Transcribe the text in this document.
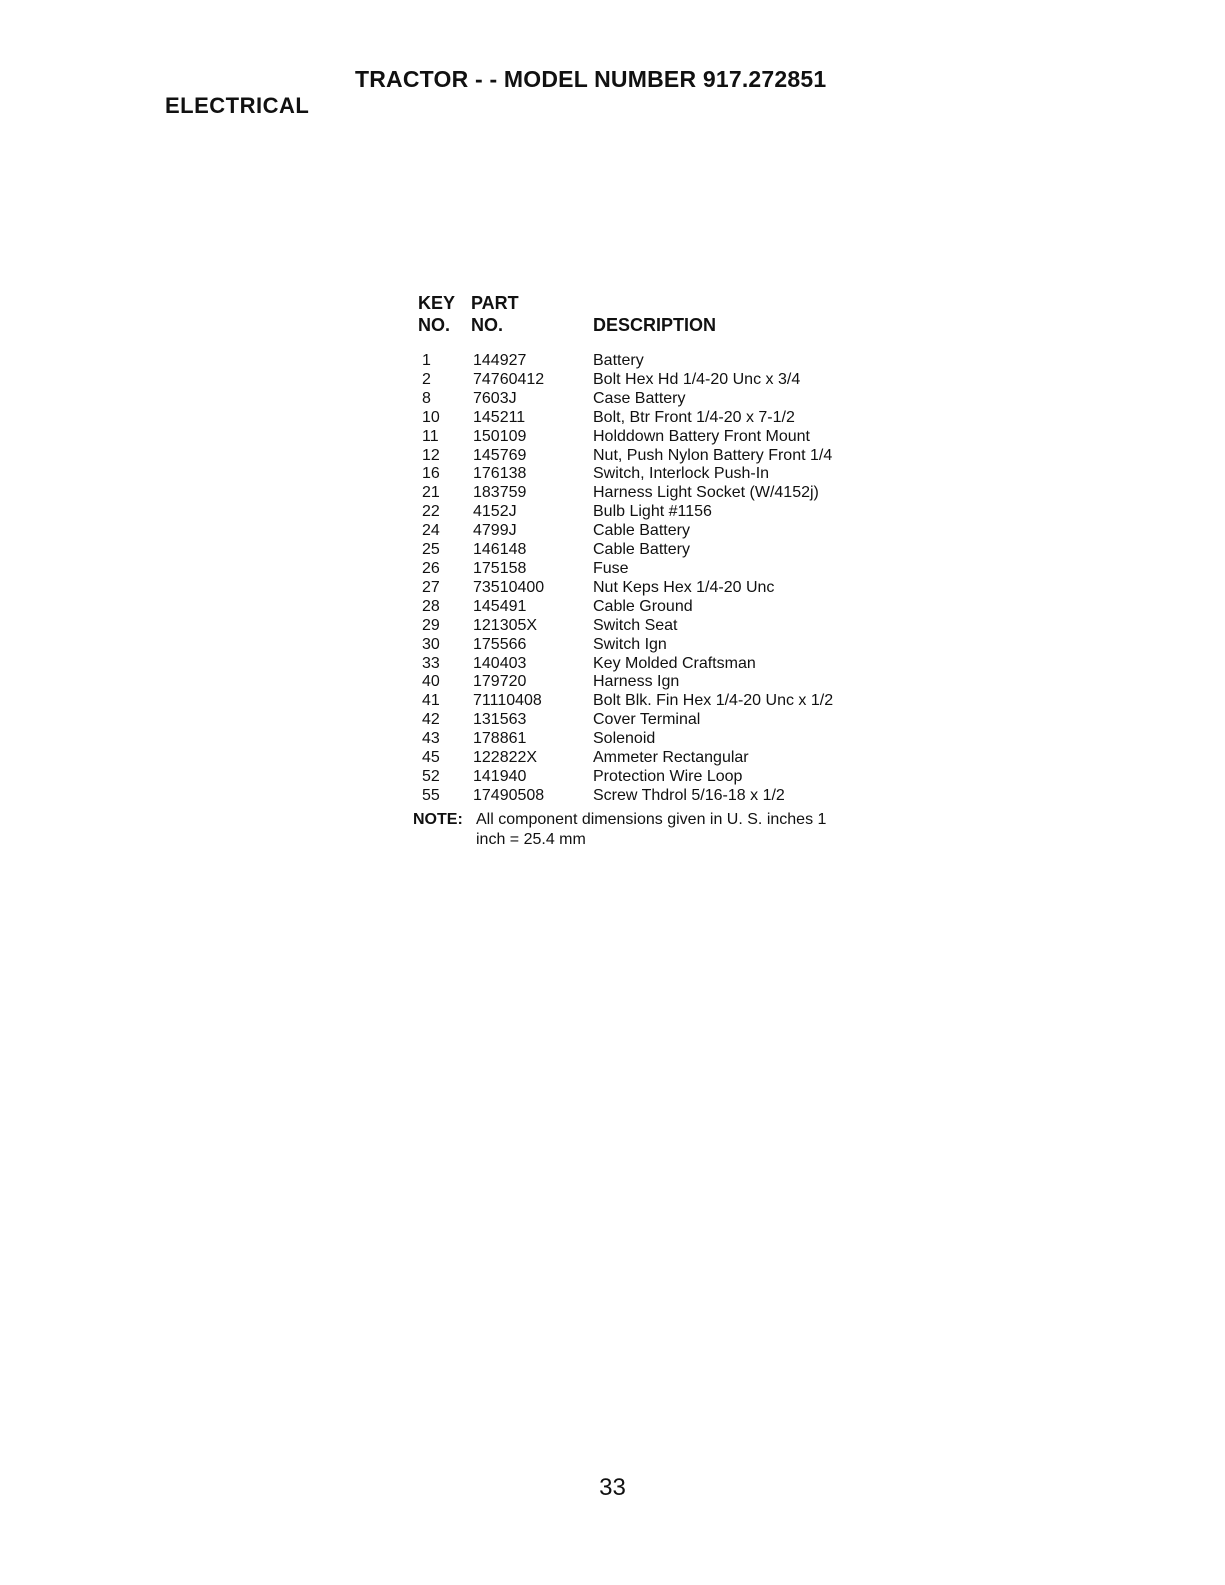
TRACTOR - - MODEL NUMBER 917.272851
ELECTRICAL
KEY PART
NO.	NO.	DESCRIPTION
1	144927	Battery
2	74760412	Bolt Hex Hd 1/4-20 Unc x 3/4
8	7603J	Case Battery
10	145211	Bolt, Btr Front 1/4-20 x 7-1/2
11	150109	Holddown Battery Front Mount
12	145769	Nut, Push Nylon Battery Front 1/4
16	176138	Switch, Interlock Push-In
21	183759	Harness Light Socket (W/4152j)
22	4152J	Bulb Light #1156
24	4799J	Cable Battery
25	146148	Cable Battery
26	175158	Fuse
27	73510400	Nut Keps Hex 1/4-20 Unc
28	145491	Cable Ground
29	121305X	Switch Seat
30	175566	Switch Ign
33	140403	Key Molded Craftsman
40	179720	Harness Ign
41	71110408	Bolt Blk. Fin Hex 1/4-20 Unc x 1/2
42	131563	Cover Terminal
43	178861	Solenoid
45	122822X	Ammeter Rectangular
52	141940	Protection Wire Loop
55	17490508	Screw Thdrol 5/16-18 x 1/2
NOTE: All component dimensions given in U. S. inches 1 inch = 25.4 mm
33
